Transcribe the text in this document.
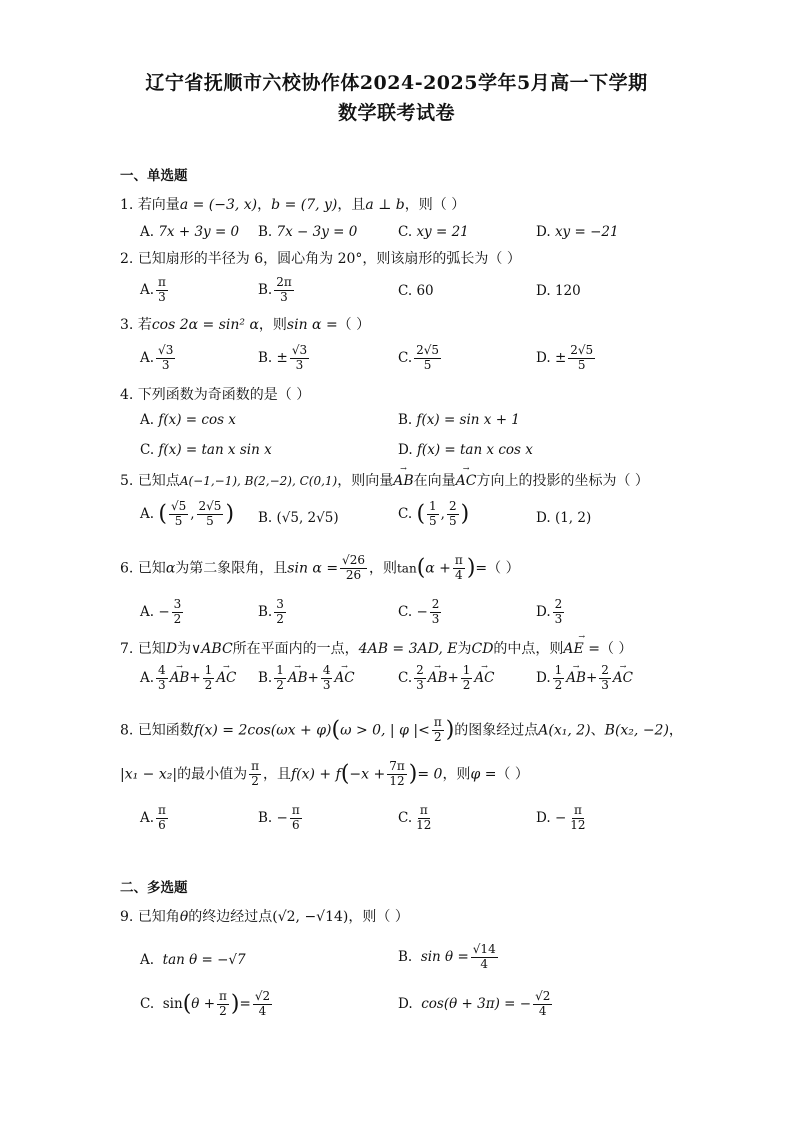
辽宁省抚顺市六校协作体2024-2025学年5月高一下学期
数学联考试卷
一、单选题
1. 若向量a = (−3, x)，b = (7, y)，且a ⊥ b，则（ ）
A. 7x + 3y = 0 B. 7x − 3y = 0	C. xy = 21	D. xy = −21
2. 已知扇形的半径为 6，圆心角为 20°，则该扇形的弧长为（ ）
A. $\frac{\pi}{3}$	B. $\frac{2\pi}{3}$	C. 60	D. 120
3. 若cos 2α = sin² α，则sin α =（ ）
A. $\frac{√3}{3}$	B. ± $\frac{√3}{3}$	C. $\frac{2√5}{5}$	D. ± $\frac{2√5}{5}$
4. 下列函数为奇函数的是（ ）
A. f(x) = cos x	B. f(x) = sin x + 1
C. f(x) = tan x sin x	D. f(x) = tan x cos x
5. 已知点A(−1,−1), B(2,−2), C(0,1)，则向量→ AB在向量→ AC方向上的投影的坐标为（ ）
A. ( $\frac{√5}{5}$ , $\frac{2√5}{5}$ ) B. (√5, 2√5)	C. ( $\frac{1}{5}$ , $\frac{2}{5}$ )	D. (1, 2)
6. 已知α为第二象限角，且$\sin \alpha = \frac{√26}{26}$ ，则$\tan(\alpha + \frac{\pi}{4}$ )=（ ）
A. − $\frac{3}{2}$	B. $\frac{3}{2}$	C. − $\frac{2}{3}$	D. $\frac{2}{3}$
7. 已知D为∨ABC所在平面内的一点，4AB = 3AD, E为CD的中点，则→ AE =（ ）
A. $\frac{4}{3}$
→ $AB+ \frac{1}{2}$
→ AC B. $\frac{1}{2}$
→ $AB+ \frac{4}{3}$
→ AC	C. $\frac{2}{3}$
→ $AB+ \frac{1}{2}$
→ AC	D. $\frac{1}{2}$
→ $AB+ \frac{2}{3}$
→ AC
8. 已知函数f(x) = 2cos(ωx + φ)(ω > 0, | φ |< $\frac{\pi}{2}$ )的图象经过点A(x₁, 2)、B(x₂, −2)，
|x₁ − x₂|的最小值为 $\frac{\pi}{2}$ ，且$f(x) + f(-x + \frac{7\pi}{12}$ )= 0，则φ =（ ）
A. $\frac{\pi}{6}$	B. − $\frac{\pi}{6}$	C. $\frac{\pi}{12}$	D. − $\frac{\pi}{12}$
二、多选题
9. 已知角θ的终边经过点(√2, −√14)，则（ ）
A. tan θ = −√7	B. $\sin \theta = \frac{√14}{4}$
C. $\sin(\theta + \frac{\pi}{2}$ )= $\frac{√2}{4}$	D. cos(θ + 3π) = − $\frac{√2}{4}$
